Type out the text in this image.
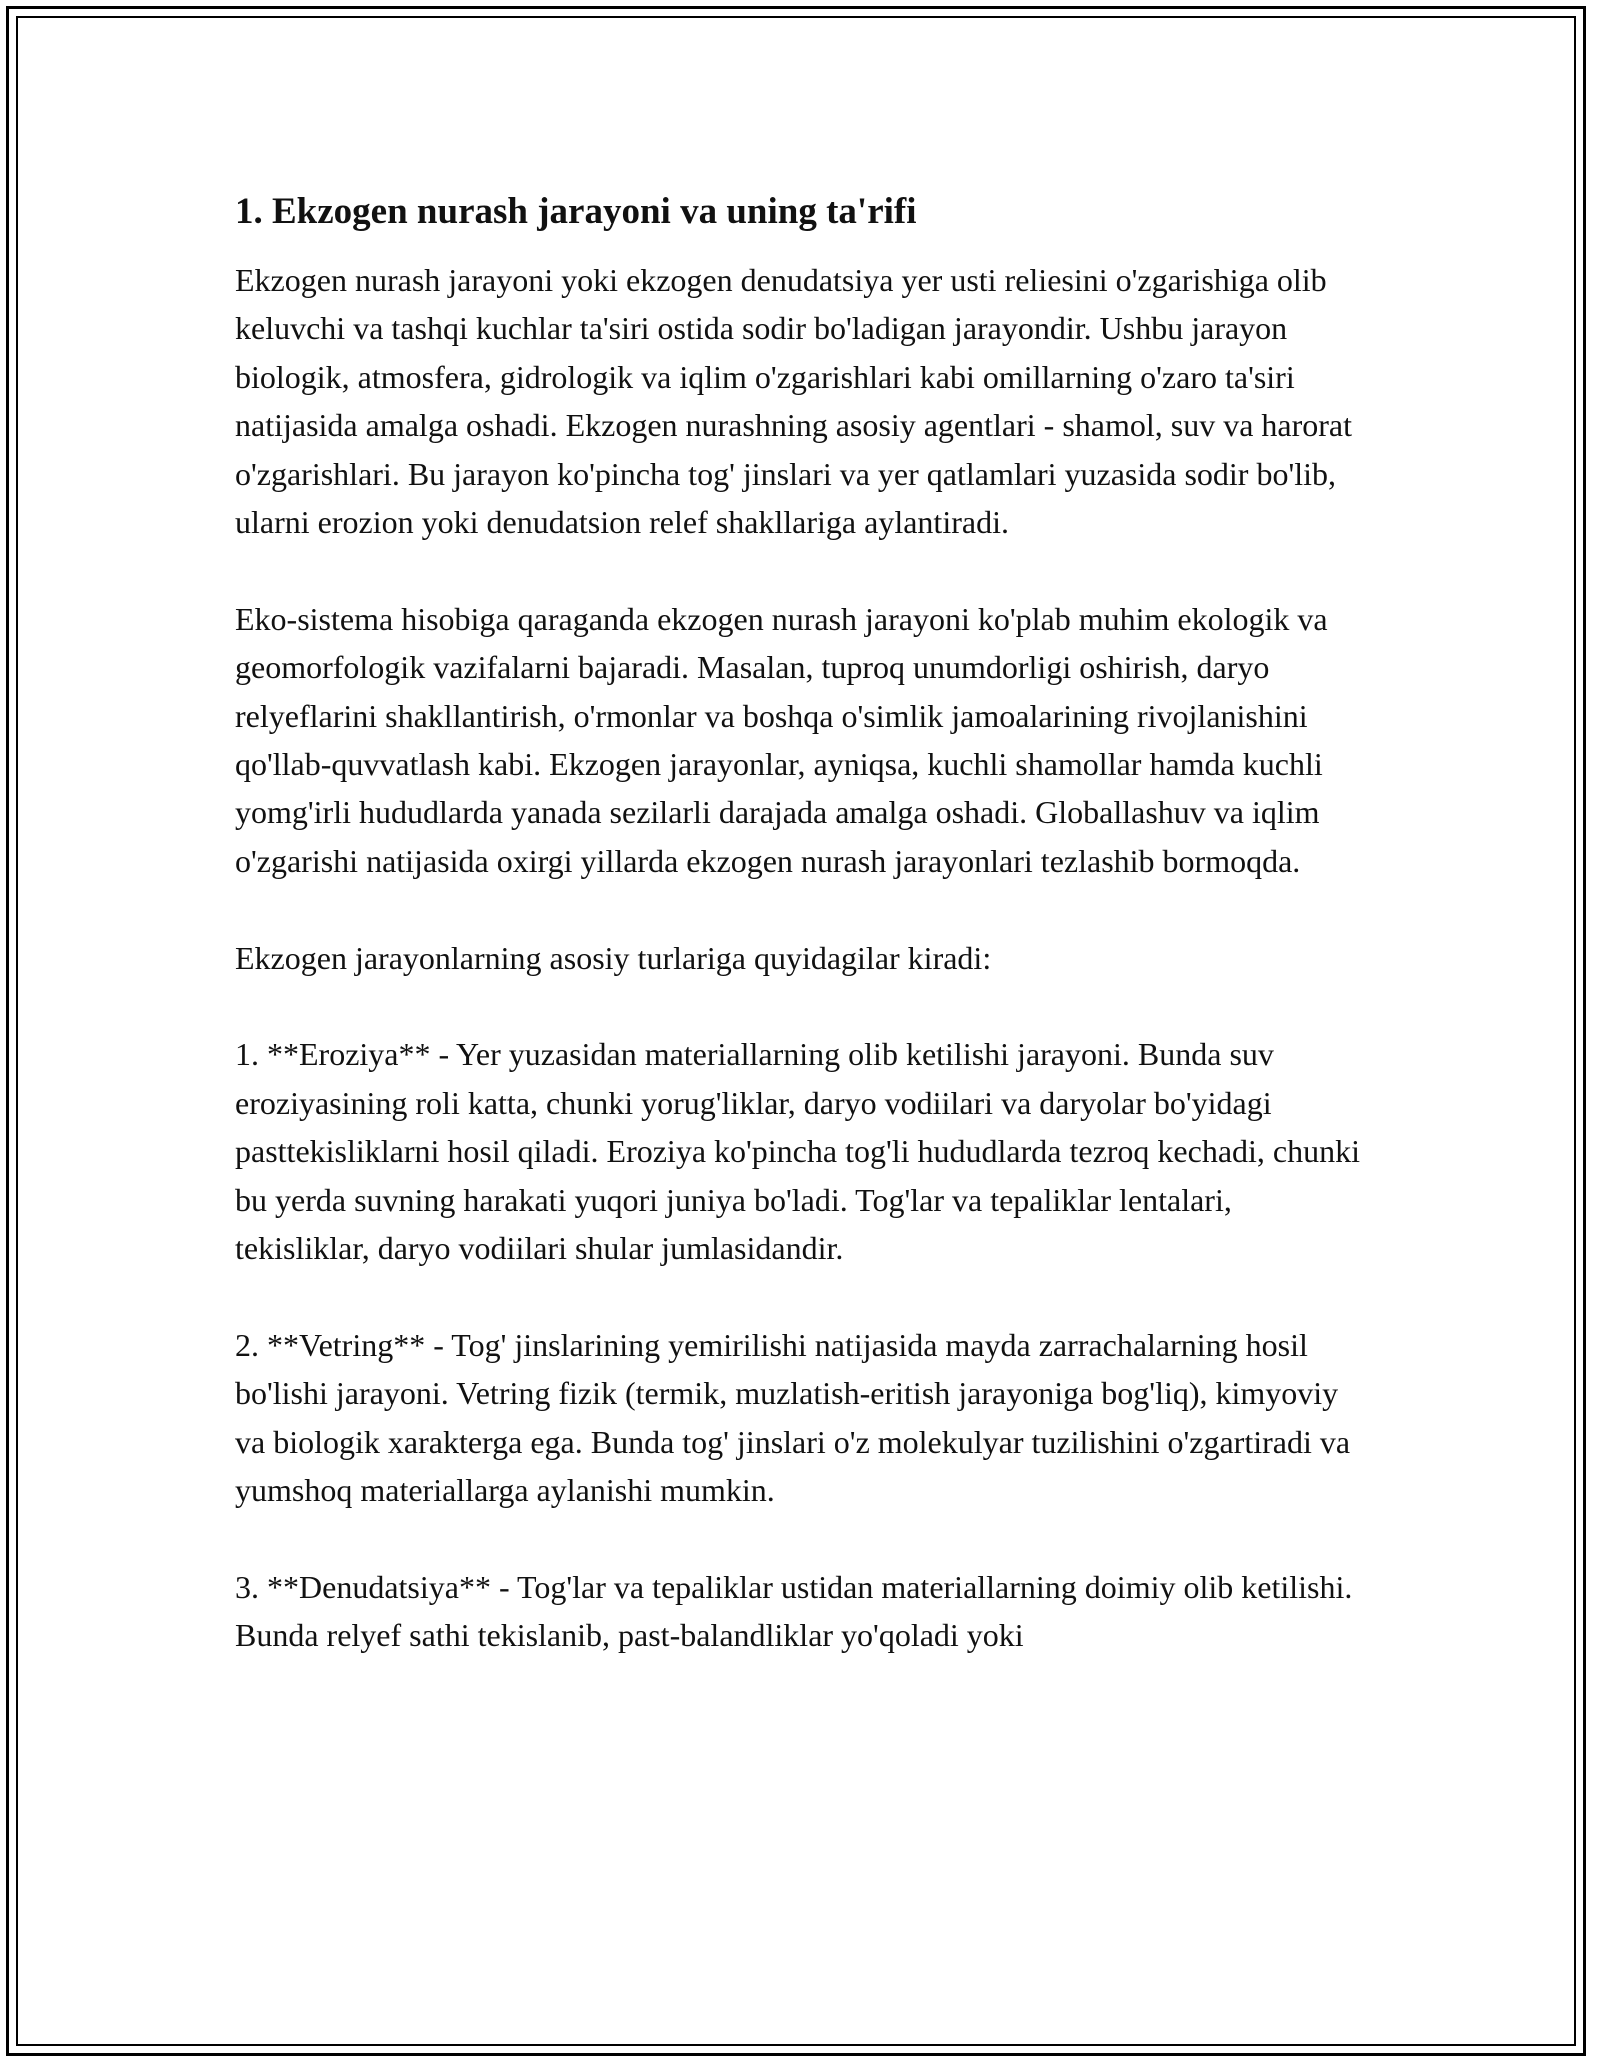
1. Ekzogen nurash jarayoni va uning ta'rifi

Ekzogen nurash jarayoni yoki ekzogen denudatsiya yer usti reliesini o'zgarishiga olib keluvchi va tashqi kuchlar ta'siri ostida sodir bo'ladigan jarayondir. Ushbu jarayon biologik, atmosfera, gidrologik va iqlim o'zgarishlari kabi omillarning o'zaro ta'siri natijasida amalga oshadi. Ekzogen nurashning asosiy agentlari - shamol, suv va harorat o'zgarishlari. Bu jarayon ko'pincha tog' jinslari va yer qatlamlari yuzasida sodir bo'lib, ularni erozion yoki denudatsion relef shakllariga aylantiradi.

Eko-sistema hisobiga qaraganda ekzogen nurash jarayoni ko'plab muhim ekologik va geomorfologik vazifalarni bajaradi. Masalan, tuproq unumdorligi oshirish, daryo relyeflarini shakllantirish, o'rmonlar va boshqa o'simlik jamoalarining rivojlanishini qo'llab-quvvatlash kabi. Ekzogen jarayonlar, ayniqsa, kuchli shamollar hamda kuchli yomg'irli hududlarda yanada sezilarli darajada amalga oshadi. Globallashuv va iqlim o'zgarishi natijasida oxirgi yillarda ekzogen nurash jarayonlari tezlashib bormoqda.

Ekzogen jarayonlarning asosiy turlariga quyidagilar kiradi:

1. **Eroziya** - Yer yuzasidan materiallarning olib ketilishi jarayoni. Bunda suv eroziyasining roli katta, chunki yorug'liklar, daryo vodiilari va daryolar bo'yidagi pasttekisliklarni hosil qiladi. Eroziya ko'pincha tog'li hududlarda tezroq kechadi, chunki bu yerda suvning harakati yuqori juniya bo'ladi. Tog'lar va tepaliklar lentalari, tekisliklar, daryo vodiilari shular jumlasidandir.

2. **Vetring** - Tog' jinslarining yemirilishi natijasida mayda zarrachalarning hosil bo'lishi jarayoni. Vetring fizik (termik, muzlatish-eritish jarayoniga bog'liq), kimyoviy va biologik xarakterga ega. Bunda tog' jinslari o'z molekulyar tuzilishini o'zgartiradi va yumshoq materiallarga aylanishi mumkin.

3. **Denudatsiya** - Tog'lar va tepaliklar ustidan materiallarning doimiy olib ketilishi. Bunda relyef sathi tekislanib, past-balandliklar yo'qoladi yoki
